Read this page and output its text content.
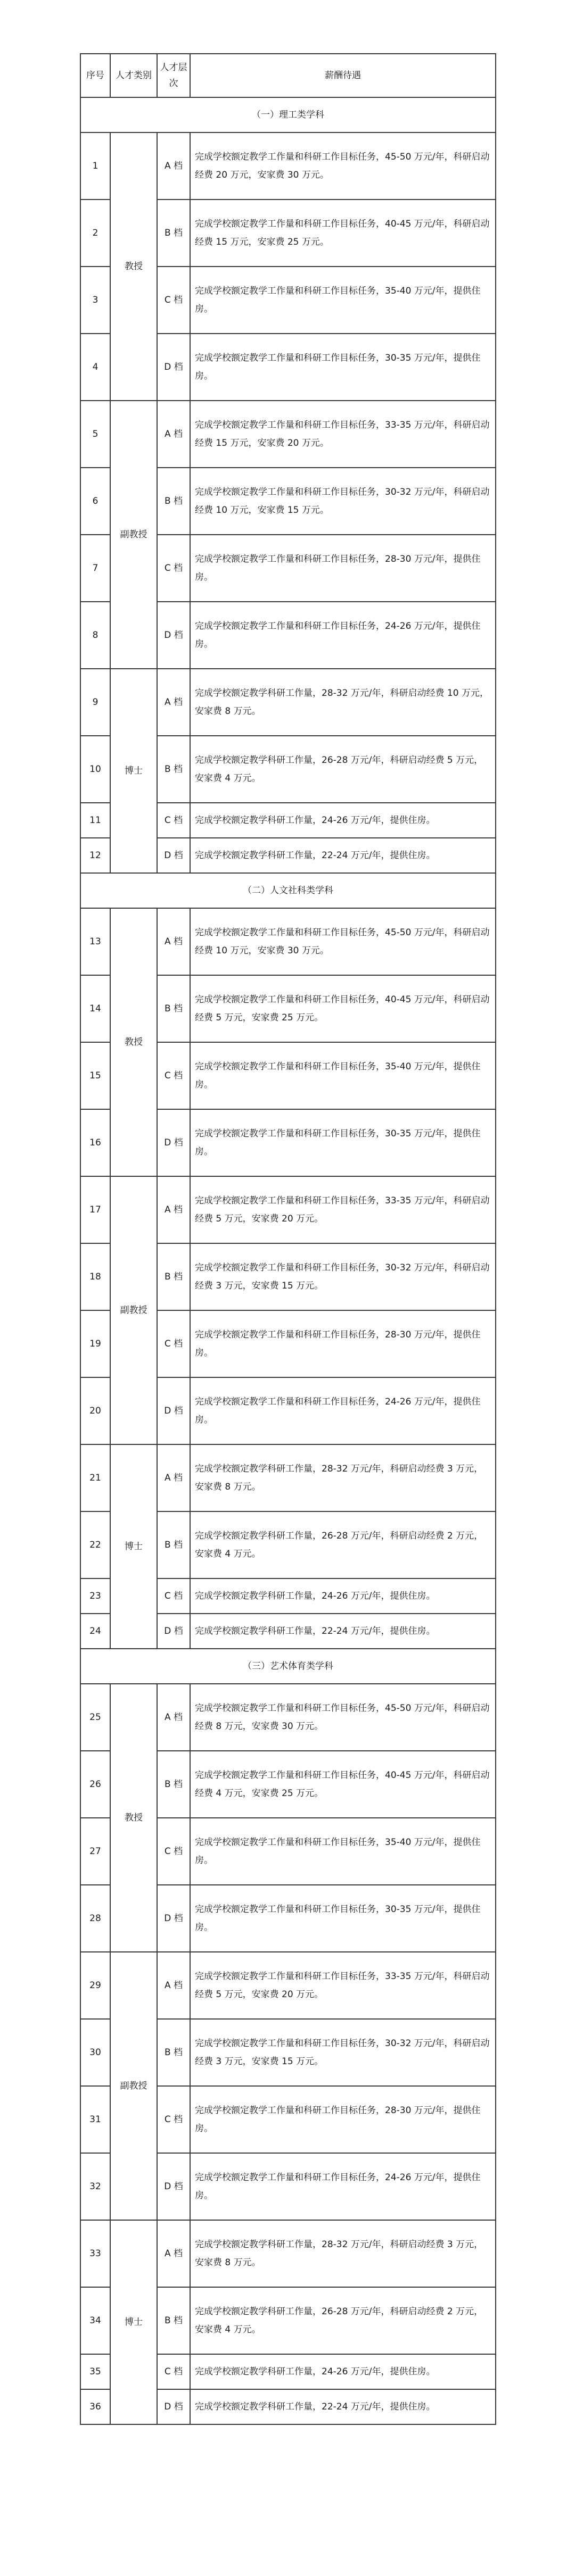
序号	人才类别	人才层次	薪酬待遇
（一）理工类学科			
1	教授	A 档	完成学校额定教学工作量和科研工作目标任务，45-50 万元/年，科研启动经费 20 万元，安家费 30 万元。
2		B 档	完成学校额定教学工作量和科研工作目标任务，40-45 万元/年，科研启动经费 15 万元，安家费 25 万元。
3		C 档	完成学校额定教学工作量和科研工作目标任务，35-40 万元/年，提供住房。
4		D 档	完成学校额定教学工作量和科研工作目标任务，30-35 万元/年，提供住房。
5	副教授	A 档	完成学校额定教学工作量和科研工作目标任务，33-35 万元/年，科研启动经费 15 万元，安家费 20 万元。
6		B 档	完成学校额定教学工作量和科研工作目标任务，30-32 万元/年，科研启动经费 10 万元，安家费 15 万元。
7		C 档	完成学校额定教学工作量和科研工作目标任务，28-30 万元/年，提供住房。
8		D 档	完成学校额定教学工作量和科研工作目标任务，24-26 万元/年，提供住房。
9	博士	A 档	完成学校额定教学科研工作量，28-32 万元/年，科研启动经费 10 万元，安家费 8 万元。
10		B 档	完成学校额定教学科研工作量，26-28 万元/年，科研启动经费 5 万元，安家费 4 万元。
11		C 档	完成学校额定教学科研工作量，24-26 万元/年，提供住房。
12		D 档	完成学校额定教学科研工作量，22-24 万元/年，提供住房。
（二）人文社科类学科			
13	教授	A 档	完成学校额定教学工作量和科研工作目标任务，45-50 万元/年，科研启动经费 10 万元，安家费 30 万元。
14		B 档	完成学校额定教学工作量和科研工作目标任务，40-45 万元/年，科研启动经费 5 万元，安家费 25 万元。
15		C 档	完成学校额定教学工作量和科研工作目标任务，35-40 万元/年，提供住房。
16		D 档	完成学校额定教学工作量和科研工作目标任务，30-35 万元/年，提供住房。
17	副教授	A 档	完成学校额定教学工作量和科研工作目标任务，33-35 万元/年，科研启动经费 5 万元，安家费 20 万元。
18		B 档	完成学校额定教学工作量和科研工作目标任务，30-32 万元/年，科研启动经费 3 万元，安家费 15 万元。
19		C 档	完成学校额定教学工作量和科研工作目标任务，28-30 万元/年，提供住房。
20		D 档	完成学校额定教学工作量和科研工作目标任务，24-26 万元/年，提供住房。
21	博士	A 档	完成学校额定教学科研工作量，28-32 万元/年，科研启动经费 3 万元，安家费 8 万元。
22		B 档	完成学校额定教学科研工作量，26-28 万元/年，科研启动经费 2 万元，安家费 4 万元。
23		C 档	完成学校额定教学科研工作量，24-26 万元/年，提供住房。
24		D 档	完成学校额定教学科研工作量，22-24 万元/年，提供住房。
（三）艺术体育类学科			
25	教授	A 档	完成学校额定教学工作量和科研工作目标任务，45-50 万元/年，科研启动经费 8 万元，安家费 30 万元。
26		B 档	完成学校额定教学工作量和科研工作目标任务，40-45 万元/年，科研启动经费 4 万元，安家费 25 万元。
27		C 档	完成学校额定教学工作量和科研工作目标任务，35-40 万元/年，提供住房。
28		D 档	完成学校额定教学工作量和科研工作目标任务，30-35 万元/年，提供住房。
29	副教授	A 档	完成学校额定教学工作量和科研工作目标任务，33-35 万元/年，科研启动经费 5 万元，安家费 20 万元。
30		B 档	完成学校额定教学工作量和科研工作目标任务，30-32 万元/年，科研启动经费 3 万元，安家费 15 万元。
31		C 档	完成学校额定教学工作量和科研工作目标任务，28-30 万元/年，提供住房。
32		D 档	完成学校额定教学工作量和科研工作目标任务，24-26 万元/年，提供住房。
33	博士	A 档	完成学校额定教学科研工作量，28-32 万元/年，科研启动经费 3 万元，安家费 8 万元。
34		B 档	完成学校额定教学科研工作量，26-28 万元/年，科研启动经费 2 万元，安家费 4 万元。
35		C 档	完成学校额定教学科研工作量，24-26 万元/年，提供住房。
36		D 档	完成学校额定教学科研工作量，22-24 万元/年，提供住房。
